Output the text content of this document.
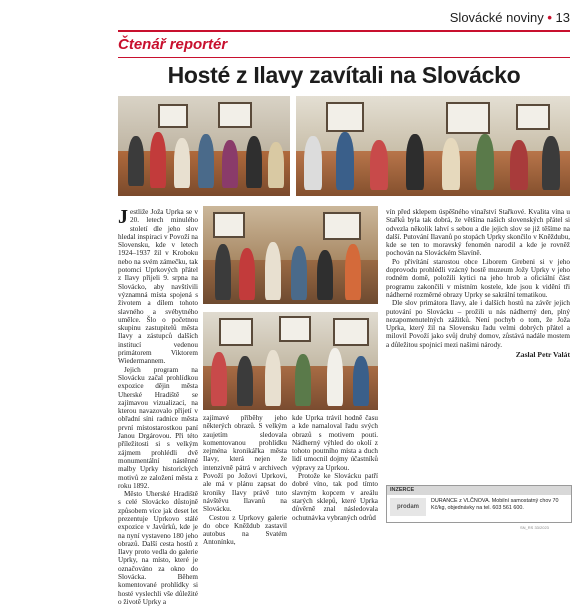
Slovácké noviny • 13
Čtenář reportér
Hosté z Ilavy zavítali na Slovácko

Jestliže Joža Uprka se v 20. letech minulého století dle jeho slov hledal inspiraci v Povoží na Slovensku, kde v letech 1924–1937 žil v Kroboku nebo na svém zámečku, tak potomci Uprkových přátel z Ilavy přijeli 9. srpna na Slovácko, aby navštívili významná místa spojená s životem a dílem tohoto slavného a svébytného umělce. Šlo o početnou skupinu zastupitelů města Ilavy a zástupců dalších institucí vedenou primátorem Viktorem Wiedermannem.

Jejich program na Slovácku začal prohlídkou expozice dějin města Uherské Hradiště se zajímavou vizualizací, na kterou navazovalo přijetí v obřadní síni radnice města první místostarostkou paní Janou Drgárovou. Při této příležitosti si s velkým zájmem prohlédli dvě monumentální nástěnné malby Uprky historických motivů ze založení města z roku 1892.

Město Uherské Hradiště s celé Slovácko důstojně způsobem více jak deset let prezentuje Uprkovo stálé expozice v Javůrků, kde je na nyní vystaveno 180 jeho obrazů. Další cesta hostů z Ilavy proto vedla do galerie Uprky, na místo, které je označováno za okno do Slovácka. Během komentované prohlídky si hosté vyslechli vše důležité o životě Uprky a

zajímavé příběhy jeho některých obrazů. S velkým zaujetím sledovala komentovanou prohlídku zejména kronikářka města Ilavy, která nejen že intenzivně pátrá v archivech Povoží po Jožovi Uprkovi, ale má v plánu zapsat do kroniky Ilavy právě tuto návštěvu Ilavanů na Slovácku.

Cestou z Uprkovy galerie do obce Kněždub zastavil autobus na Svatém Antonínku,

kde Uprka trávil hodně času a kde namaloval řadu svých obrazů s motivem pouti. Nádherný výhled do okolí z tohoto poutního místa a duch lidí umocnil dojmy účastníků výpravy za Uprkou.

Protože ke Slovácku patří dobré víno, tak pod tímto slavným kopcem v areálu starých sklepů, které Uprka důvěrně znal následovala ochutnávka vybraných odrůd

vín před sklepem úspěšného vinařství Stařkové. Kvalita vína u Stařků byla tak dobrá, že většina našich slovenských přátel si odvezla několik lahví s sebou a dle jejich slov se již těšíme na další. Putování Ilavanů po stopách Uprky skončilo v Kněždubu, kde se ten to moravský fenomén narodil a kde je rovněž pochován na Slováckém Slavíně.

Po přivítání starostou obce Liborem Grebeni si v jeho doprovodu prohlédli vzácný hostě muzeum Jožy Uprky v jeho rodném domě, položili kytici na jeho hrob a oficiální část programu zakončili v místním kostele, kde jsou k vidění tři nádherné rozměrné obrazy Uprky se sakrální tematikou.

Dle slov primátora Ilavy, ale i dalších hostů na závěr jejich putování po Slovácku – prožili u nás nádherný den, plný nezapomenutelných zážitků. Není pochyb o tom, že Joža Uprka, který žil na Slovensku řadu velmi dobrých přátel a milovil Povoží jako svůj druhý domov, zůstává nadále mostem a důležitou spojnicí mezi našimi národy.

Zaslal Petr Valát
INZERCE
prodam
DURANCE z VLČNOVA. Mobilní samostatný chov 70 Kč/kg, objednávky na tel. 603 561 600.
SN_RS 33/2023
